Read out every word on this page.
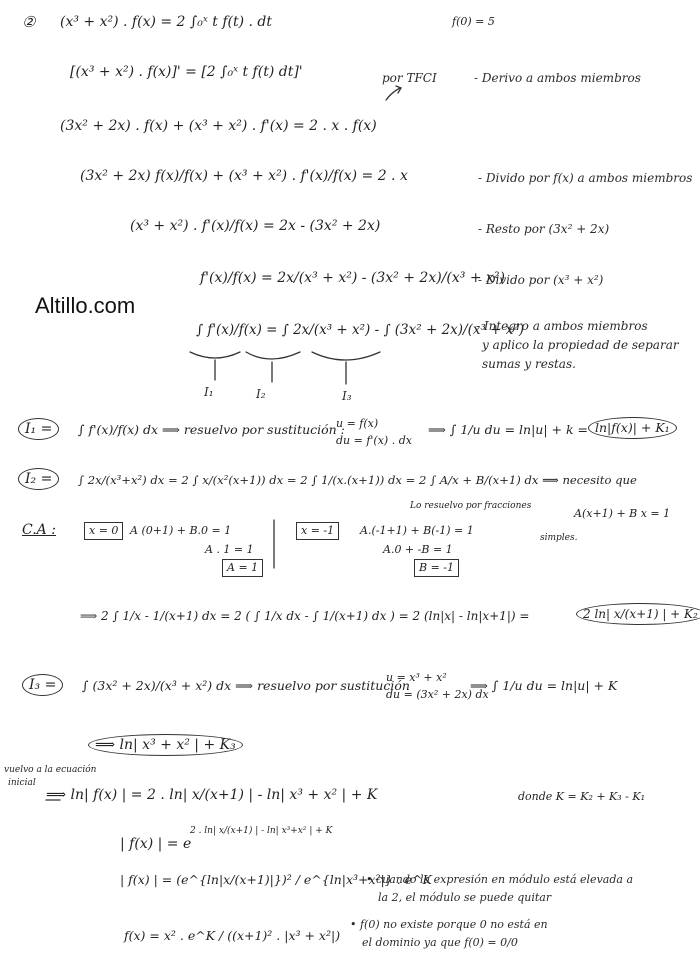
Altillo.com
② (x³ + x²) . f(x) = 2 ∫₀ˣ t f(t) . dt	f(0) = 5
[(x³ + x²) . f(x)]' = [2 ∫₀ˣ t f(t) dt]'	por TFCI	- Derivo a ambos miembros
(3x² + 2x) . f(x) + (x³ + x²) . f'(x) = 2 . x . f(x)
(3x² + 2x) f(x)/f(x) + (x³ + x²) . f'(x)/f(x) = 2 . x	- Divido por f(x) a ambos miembros
(x³ + x²) . f'(x)/f(x) = 2x - (3x² + 2x)	- Resto por (3x² + 2x)
f'(x)/f(x) = 2x/(x³ + x²) - (3x² + 2x)/(x³ + x²)
- Divido por (x³ + x²)
∫ f'(x)/f(x) = ∫ 2x/(x³ + x²) - ∫ (3x² + 2x)/(x³ + x²)
- Integro a ambos miembros
y aplico la propiedad de separar
sumas y restas.
I₁	I₂	I₃
I₁ =	∫ f'(x)/f(x) dx ⟹ resuelvo por sustitución :
u = f(x)
du = f'(x) . dx
⟹ ∫ 1/u du = ln|u| + k = ln|f(x)| + K₁
I₂ =	∫ 2x/(x³+x²) dx = 2 ∫ x/(x²(x+1)) dx = 2 ∫ 1/(x.(x+1)) dx = 2 ∫ A/x + B/(x+1) dx ⟹ necesito que
Lo resuelvo por fracciones
simples.
A(x+1) + B x = 1
C.A :	x = 0	A (0+1) + B.0 = 1
A . 1 = 1
A = 1
x = -1	A.(-1+1) + B(-1) = 1
A.0 + -B = 1
B = -1
⟹ 2 ∫ 1/x - 1/(x+1) dx = 2 ( ∫ 1/x dx - ∫ 1/(x+1) dx ) = 2 (ln|x| - ln|x+1|) =	2 ln| x/(x+1) | + K₂
I₃ =	∫ (3x² + 2x)/(x³ + x²) dx ⟹ resuelvo por sustitución
u = x³ + x²
du = (3x² + 2x) dx
⟹ ∫ 1/u du = ln|u| + K
⟹ ln| x³ + x² | + K₃
vuelvo a la ecuación
inicial
⟹ ln| f(x) | = 2 . ln| x/(x+1) | - ln| x³ + x² | + K	donde K = K₂ + K₃ - K₁
2 . ln| x/(x+1) | - ln| x³+x² | + K
| f(x) | = e
| f(x) | = (e^{ln|x/(x+1)|})² / e^{ln|x³+x²|} . e^K
f(x) = x² . e^K / ((x+1)² . |x³ + x²|)
• cuando la expresión en módulo está elevada a
la 2, el módulo se puede quitar
• f(0) no existe porque 0 no está en
el dominio ya que f(0) = 0/0
